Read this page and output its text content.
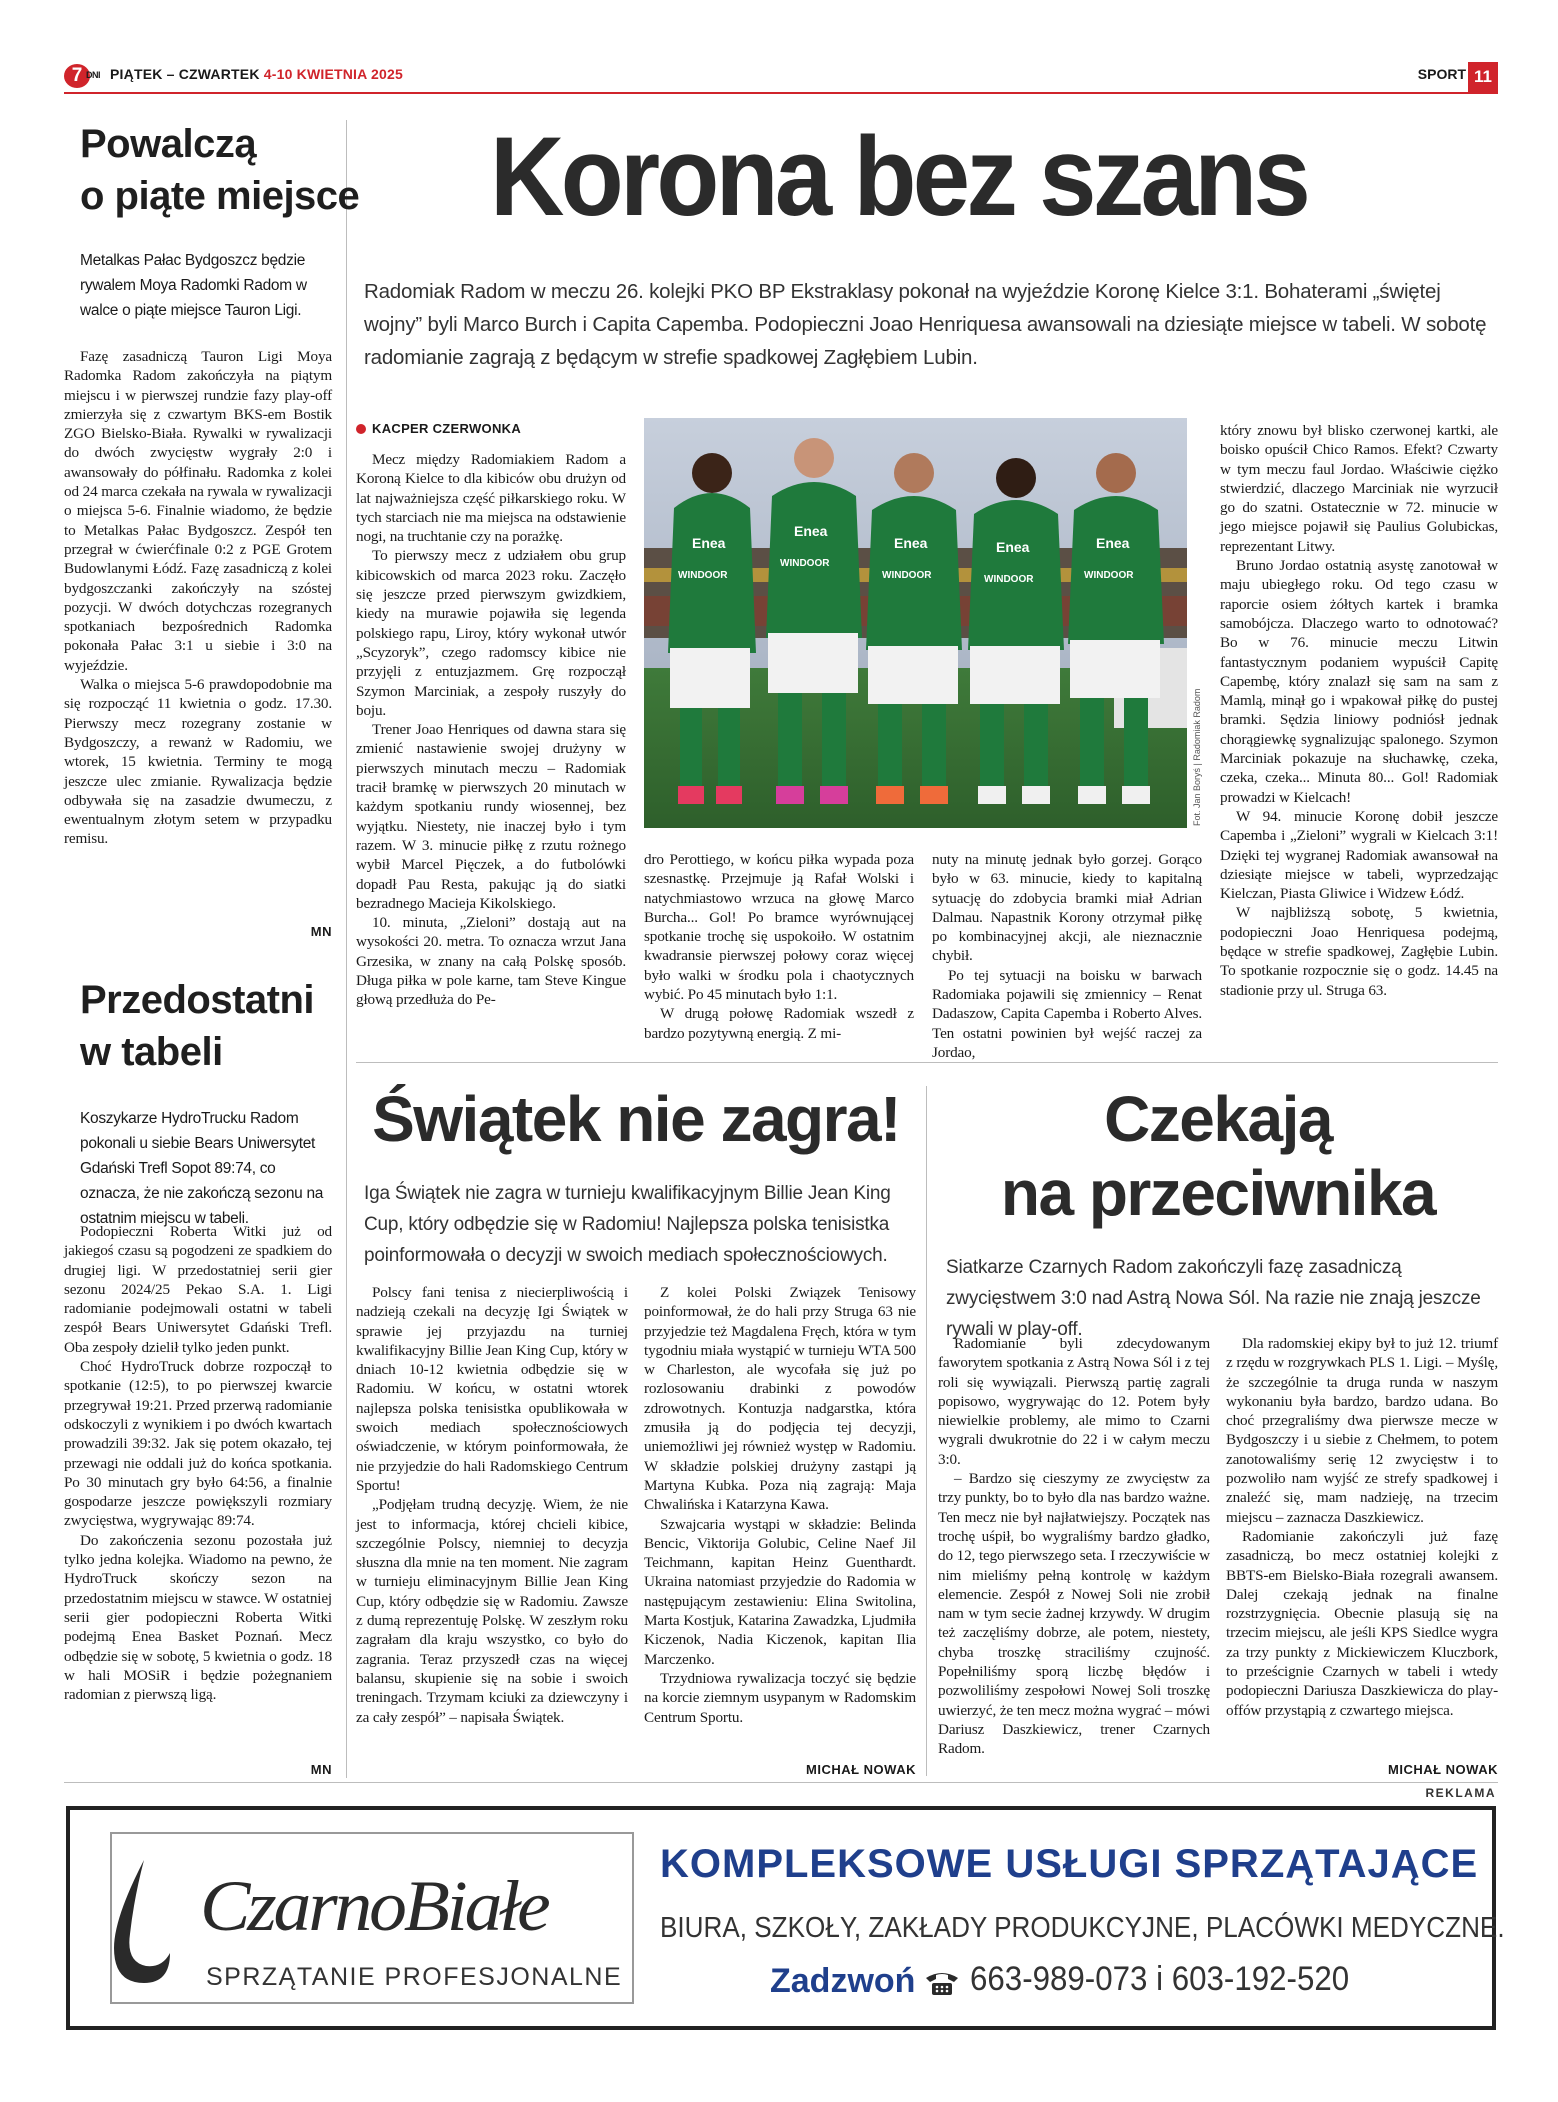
7 DNI PIĄTEK – CZWARTEK 4-10 KWIETNIA 2025	SPORT 11
Powalczą
o piąte miejsce
Metalkas Pałac Bydgoszcz będzie rywalem Moya Radomki Radom w walce o piąte miejsce Tauron Ligi.

Fazę zasadniczą Tauron Ligi Moya Radomka Radom zakończyła na piątym miejscu i w pierwszej rundzie fazy play-off zmierzyła się z czwartym BKS-em Bostik ZGO Bielsko-Biała. Rywalki w rywalizacji do dwóch zwycięstw wygrały 2:0 i awansowały do półfinału. Radomka z kolei od 24 marca czekała na rywala w rywalizacji o miejsca 5-6. Finalnie wiadomo, że będzie to Metalkas Pałac Bydgoszcz. Zespół ten przegrał w ćwierćfinale 0:2 z PGE Grotem Budowlanymi Łódź. Fazę zasadniczą z kolei bydgoszczanki zakończyły na szóstej pozycji. W dwóch dotychczas rozegranych spotkaniach bezpośrednich Radomka pokonała Pałac 3:1 u siebie i 3:0 na wyjeździe.

Walka o miejsca 5-6 prawdopodobnie ma się rozpocząć 11 kwietnia o godz. 17.30. Pierwszy mecz rozegrany zostanie w Bydgoszczy, a rewanż w Radomiu, we wtorek, 15 kwietnia. Terminy te mogą jeszcze ulec zmianie. Rywalizacja będzie odbywała się na zasadzie dwumeczu, z ewentualnym złotym setem w przypadku remisu.

MN
Przedostatni
w tabeli
Koszykarze HydroTrucku Radom pokonali u siebie Bears Uniwersytet Gdański Trefl Sopot 89:74, co oznacza, że nie zakończą sezonu na ostatnim miejscu w tabeli.

Podopieczni Roberta Witki już od jakiegoś czasu są pogodzeni ze spadkiem do drugiej ligi. W przedostatniej serii gier sezonu 2024/25 Pekao S.A. 1. Ligi radomianie podejmowali ostatni w tabeli zespół Bears Uniwersytet Gdański Trefl. Oba zespoły dzielił tylko jeden punkt.

Choć HydroTruck dobrze rozpoczął to spotkanie (12:5), to po pierwszej kwarcie przegrywał 19:21. Przed przerwą radomianie odskoczyli z wynikiem i po dwóch kwartach prowadzili 39:32. Jak się potem okazało, tej przewagi nie oddali już do końca spotkania. Po 30 minutach gry było 64:56, a finalnie gospodarze jeszcze powiększyli rozmiary zwycięstwa, wygrywając 89:74.

Do zakończenia sezonu pozostała już tylko jedna kolejka. Wiadomo na pewno, że HydroTruck skończy sezon na przedostatnim miejscu w stawce. W ostatniej serii gier podopieczni Roberta Witki podejmą Enea Basket Poznań. Mecz odbędzie się w sobotę, 5 kwietnia o godz. 18 w hali MOSiR i będzie pożegnaniem radomian z pierwszą ligą.

MN
Korona bez szans
Radomiak Radom w meczu 26. kolejki PKO BP Ekstraklasy pokonał na wyjeździe Koronę Kielce 3:1. Bohaterami „świętej wojny” byli Marco Burch i Capita Capemba. Podopieczni Joao Henriquesa awansowali na dziesiąte miejsce w tabeli. W sobotę radomianie zagrają z będącym w strefie spadkowej Zagłębiem Lubin.
KACPER CZERWONKA

Mecz między Radomiakiem Radom a Koroną Kielce to dla kibiców obu drużyn od lat najważniejsza część piłkarskiego roku. W tych starciach nie ma miejsca na odstawienie nogi, na truchtanie czy na porażkę.

To pierwszy mecz z udziałem obu grup kibicowskich od marca 2023 roku. Zaczęło się jeszcze przed pierwszym gwizdkiem, kiedy na murawie pojawiła się legenda polskiego rapu, Liroy, który wykonał utwór „Scyzoryk”, czego radomscy kibice nie przyjęli z entuzjazmem. Grę rozpoczął Szymon Marciniak, a zespoły ruszyły do boju.

Trener Joao Henriques od dawna stara się zmienić nastawienie swojej drużyny w pierwszych minutach meczu – Radomiak tracił bramkę w pierwszych 20 minutach w każdym spotkaniu rundy wiosennej, bez wyjątku. Niestety, nie inaczej było i tym razem. W 3. minucie piłkę z rzutu rożnego wybił Marcel Pięczek, a do futbolówki dopadł Pau Resta, pakując ją do siatki bezradnego Macieja Kikolskiego.

10. minuta, „Zieloni” dostają aut na wysokości 20. metra. To oznacza wrzut Jana Grzesika, w znany na całą Polskę sposób. Długa piłka w pole karne, tam Steve Kingue głową przedłuża do Pe-

Enea
Enea
Enea	Enea	Enea
WINDOOR
WINDOOR
WINDOOR	WINDOOR	WINDOOR
Fot. Jan Boryś | Radomiak Radom

dro Perottiego, w końcu piłka wypada poza szesnastkę. Przejmuje ją Rafał Wolski i natychmiastowo wrzuca na głowę Marco Burcha... Gol! Po bramce wyrównującej spotkanie trochę się uspokoiło. W ostatnim kwadransie pierwszej połowy coraz więcej było walki w środku pola i chaotycznych wybić. Po 45 minutach było 1:1.

W drugą połowę Radomiak wszedł z bardzo pozytywną energią. Z mi-

nuty na minutę jednak było gorzej. Gorąco było w 63. minucie, kiedy to kapitalną sytuację do zdobycia bramki miał Adrian Dalmau. Napastnik Korony otrzymał piłkę po kombinacyjnej akcji, ale nieznacznie chybił.

Po tej sytuacji na boisku w barwach Radomiaka pojawili się zmiennicy – Renat Dadaszow, Capita Capemba i Roberto Alves. Ten ostatni powinien był wejść raczej za Jordao,

który znowu był blisko czerwonej kartki, ale boisko opuścił Chico Ramos. Efekt? Czwarty w tym meczu faul Jordao. Właściwie ciężko stwierdzić, dlaczego Marciniak nie wyrzucił go do szatni. Ostatecznie w 72. minucie w jego miejsce pojawił się Paulius Golubickas, reprezentant Litwy.

Bruno Jordao ostatnią asystę zanotował w maju ubiegłego roku. Od tego czasu w raporcie osiem żółtych kartek i bramka samobójcza. Dlaczego warto to odnotować? Bo w 76. minucie meczu Litwin fantastycznym podaniem wypuścił Capitę Capembę, który znalazł się sam na sam z Mamlą, minął go i wpakował piłkę do pustej bramki. Sędzia liniowy podniósł jednak chorągiewkę sygnalizując spalonego. Szymon Marciniak pokazuje na słuchawkę, czeka, czeka, czeka... Minuta 80... Gol! Radomiak prowadzi w Kielcach!

W 94. minucie Koronę dobił jeszcze Capemba i „Zieloni” wygrali w Kielcach 3:1! Dzięki tej wygranej Radomiak awansował na dziesiąte miejsce w tabeli, wyprzedzając Kielczan, Piasta Gliwice i Widzew Łódź.

W najbliższą sobotę, 5 kwietnia, podopieczni Joao Henriquesa podejmą, będące w strefie spadkowej, Zagłębie Lubin. To spotkanie rozpocznie się o godz. 14.45 na stadionie przy ul. Struga 63.

Świątek nie zagra!
Iga Świątek nie zagra w turnieju kwalifikacyjnym Billie Jean King Cup, który odbędzie się w Radomiu! Najlepsza polska tenisistka poinformowała o decyzji w swoich mediach społecznościowych.

Polscy fani tenisa z niecierpliwością i nadzieją czekali na decyzję Igi Świątek w sprawie jej przyjazdu na turniej kwalifikacyjny Billie Jean King Cup, który w dniach 10-12 kwietnia odbędzie się w Radomiu. W końcu, w ostatni wtorek najlepsza polska tenisistka opublikowała w swoich mediach społecznościowych oświadczenie, w którym poinformowała, że nie przyjedzie do hali Radomskiego Centrum Sportu!

„Podjęłam trudną decyzję. Wiem, że nie jest to informacja, której chcieli kibice, szczególnie Polscy, niemniej to decyzja słuszna dla mnie na ten moment. Nie zagram w turnieju eliminacyjnym Billie Jean King Cup, który odbędzie się w Radomiu. Zawsze z dumą reprezentuję Polskę. W zeszłym roku zagrałam dla kraju wszystko, co było do zagrania. Teraz przyszedł czas na więcej balansu, skupienie się na sobie i swoich treningach. Trzymam kciuki za dziewczyny i za cały zespół” – napisała Świątek.

Z kolei Polski Związek Tenisowy poinformował, że do hali przy Struga 63 nie przyjedzie też Magdalena Fręch, która w tym tygodniu miała wystąpić w turnieju WTA 500 w Charleston, ale wycofała się już po rozlosowaniu drabinki z powodów zdrowotnych. Kontuzja nadgarstka, która zmusiła ją do podjęcia tej decyzji, uniemożliwi jej również występ w Radomiu. W składzie polskiej drużyny zastąpi ją Martyna Kubka. Poza nią zagrają: Maja Chwalińska i Katarzyna Kawa.

Szwajcaria wystąpi w składzie: Belinda Bencic, Viktorija Golubic, Celine Naef Jil Teichmann, kapitan Heinz Guenthardt. Ukraina natomiast przyjedzie do Radomia w następującym zestawieniu: Elina Switolina, Marta Kostjuk, Katarina Zawadzka, Ljudmiła Kiczenok, Nadia Kiczenok, kapitan Ilia Marczenko.

Trzydniowa rywalizacja toczyć się będzie na korcie ziemnym usypanym w Radomskim Centrum Sportu.

MICHAŁ NOWAK
Czekają
na przeciwnika
Siatkarze Czarnych Radom zakończyli fazę zasadniczą zwycięstwem 3:0 nad Astrą Nowa Sól. Na razie nie znają jeszcze rywali w play-off.

Radomianie byli zdecydowanym faworytem spotkania z Astrą Nowa Sól i z tej roli się wywiązali. Pierwszą partię zagrali popisowo, wygrywając do 12. Potem były niewielkie problemy, ale mimo to Czarni wygrali dwukrotnie do 22 i w całym meczu 3:0.

– Bardzo się cieszymy ze zwycięstw za trzy punkty, bo to było dla nas bardzo ważne. Ten mecz nie był najłatwiejszy. Początek nas trochę uśpił, bo wygraliśmy bardzo gładko, do 12, tego pierwszego seta. I rzeczywiście w nim mieliśmy pełną kontrolę w każdym elemencie. Zespół z Nowej Soli nie zrobił nam w tym secie żadnej krzywdy. W drugim też zaczęliśmy dobrze, ale potem, niestety, chyba troszkę straciliśmy czujność. Popełniliśmy sporą liczbę błędów i pozwoliliśmy zespołowi Nowej Soli troszkę uwierzyć, że ten mecz można wygrać – mówi Dariusz Daszkiewicz, trener Czarnych Radom.

Dla radomskiej ekipy był to już 12. triumf z rzędu w rozgrywkach PLS 1. Ligi. – Myślę, że szczególnie ta druga runda w naszym wykonaniu była bardzo, bardzo udana. Bo choć przegraliśmy dwa pierwsze mecze w Bydgoszczy i u siebie z Chełmem, to potem zanotowaliśmy serię 12 zwycięstw i to pozwoliło nam wyjść ze strefy spadkowej i znaleźć się, mam nadzieję, na trzecim miejscu – zaznacza Daszkiewicz.

Radomianie zakończyli już fazę zasadniczą, bo mecz ostatniej kolejki z BBTS-em Bielsko-Biała rozegrali awansem. Dalej czekają jednak na finalne rozstrzygnięcia. Obecnie plasują się na trzecim miejscu, ale jeśli KPS Siedlce wygra za trzy punkty z Mickiewiczem Kluczbork, to prześcignie Czarnych w tabeli i wtedy podopieczni Dariusza Daszkiewicza do play-offów przystąpią z czwartego miejsca.

MICHAŁ NOWAK
REKLAMA
CzarnoBiałe
SPRZĄTANIE PROFESJONALNE
KOMPLEKSOWE USŁUGI SPRZĄTAJĄCE
BIURA, SZKOŁY, ZAKŁADY PRODUKCYJNE, PLACÓWKI MEDYCZNE.
Zadzwoń 663-989-073 i 603-192-520
